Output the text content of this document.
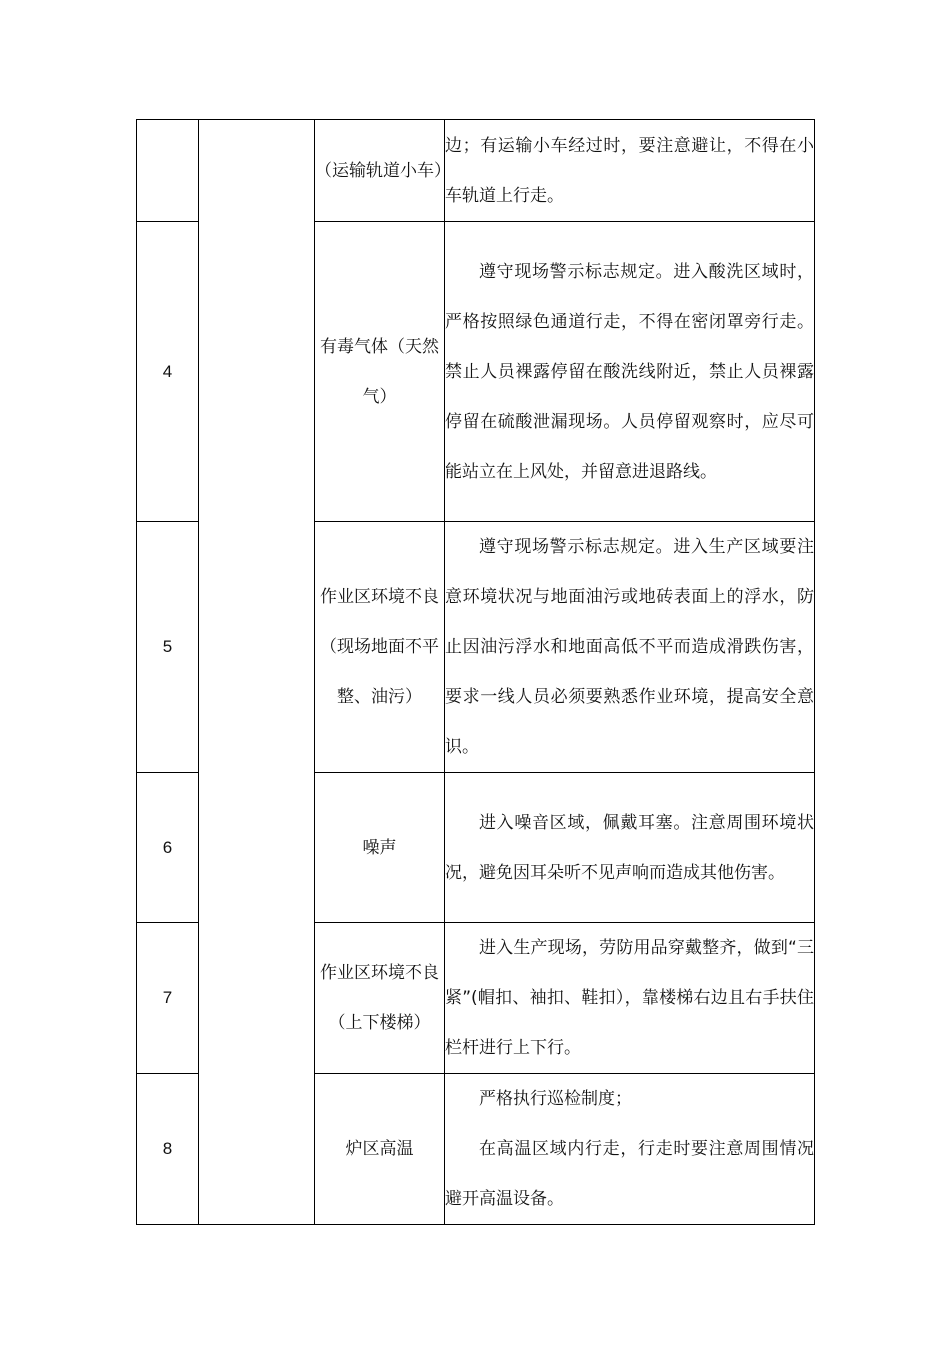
		（运输轨道小车）	边；有运输小车经过时，要注意避让，不得在小车轨道上行走。

4		有毒气体（天然气）	遵守现场警示标志规定。进入酸洗区域时，严格按照绿色通道行走，不得在密闭罩旁行走。禁止人员裸露停留在酸洗线附近，禁止人员裸露停留在硫酸泄漏现场。人员停留观察时，应尽可能站立在上风处，并留意进退路线。

5		作业区环境不良（现场地面不平整、油污）	遵守现场警示标志规定。进入生产区域要注意环境状况与地面油污或地砖表面上的浮水，防止因油污浮水和地面高低不平而造成滑跌伤害，要求一线人员必须要熟悉作业环境，提高安全意识。

6		噪声	进入噪音区域，佩戴耳塞。注意周围环境状况，避免因耳朵听不见声响而造成其他伤害。

7		作业区环境不良（上下楼梯）	进入生产现场，劳防用品穿戴整齐，做到“三紧”(帽扣、袖扣、鞋扣），靠楼梯右边且右手扶住栏杆进行上下行。

8		炉区高温	严格执行巡检制度；
在高温区域内行走，行走时要注意周围情况避开高温设备。
